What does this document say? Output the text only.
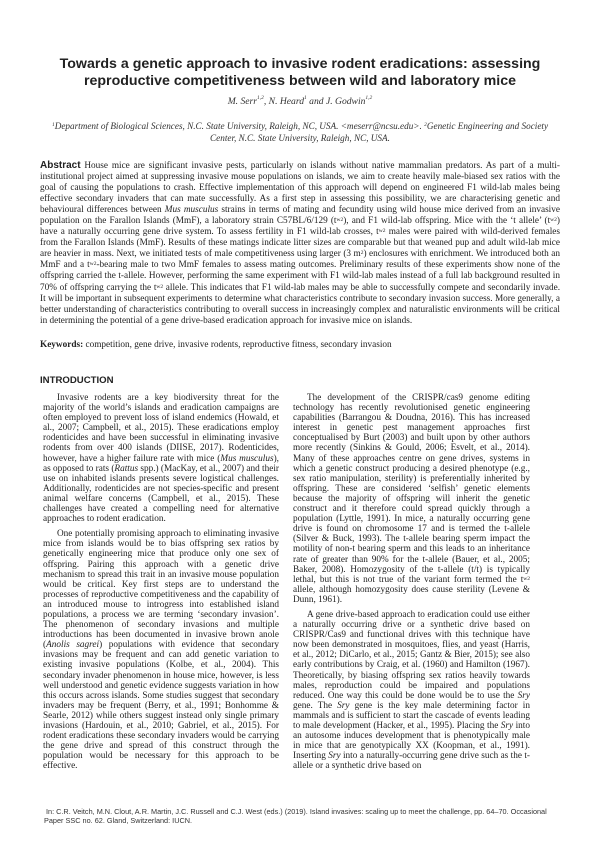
Towards a genetic approach to invasive rodent eradications: assessing reproductive competitiveness between wild and laboratory mice
M. Serr$^{1,2}$, N. Heard$^1$ and J. Godwin$^{1,2}$
$^1$Department of Biological Sciences, N.C. State University, Raleigh, NC, USA. <meserr@ncsu.edu>. $^2$Genetic Engineering and Society Center, N.C. State University, Raleigh, NC, USA.
Abstract House mice are significant invasive pests, particularly on islands without native mammalian predators. As part of a multi-institutional project aimed at suppressing invasive mouse populations on islands, we aim to create heavily male-biased sex ratios with the goal of causing the populations to crash. Effective implementation of this approach will depend on engineered F1 wild-lab males being effective secondary invaders that can mate successfully. As a first step in assessing this possibility, we are characterising genetic and behavioural differences between Mus musculus strains in terms of mating and fecundity using wild house mice derived from an invasive population on the Farallon Islands (MmF), a laboratory strain C57BL/6/129 $(t^{w2})$, and F1 wild-lab offspring. Mice with the ‘t allele’ $(t^{w2})$ have a naturally occurring gene drive system. To assess fertility in F1 wild-lab crosses, $t^{w2}$ males were paired with wild-derived females from the Farallon Islands (MmF). Results of these matings indicate litter sizes are comparable but that weaned pup and adult wild-lab mice are heavier in mass. Next, we initiated tests of male competitiveness using larger (3 $m^2$) enclosures with enrichment. We introduced both an MmF and a $t^{w2}$-bearing male to two MmF females to assess mating outcomes. Preliminary results of these experiments show none of the offspring carried the t-allele. However, performing the same experiment with F1 wild-lab males instead of a full lab background resulted in 70% of offspring carrying the $t^{w2}$ allele. This indicates that F1 wild-lab males may be able to successfully compete and secondarily invade. It will be important in subsequent experiments to determine what characteristics contribute to secondary invasion success. More generally, a better understanding of characteristics contributing to overall success in increasingly complex and naturalistic environments will be critical in determining the potential of a gene drive-based eradication approach for invasive mice on islands.
Keywords: competition, gene drive, invasive rodents, reproductive fitness, secondary invasion
INTRODUCTION

Invasive rodents are a key biodiversity threat for the majority of the world’s islands and eradication campaigns are often employed to prevent loss of island endemics (Howald, et al., 2007; Campbell, et al., 2015). These eradications employ rodenticides and have been successful in eliminating invasive rodents from over 400 islands (DIISE, 2017). Rodenticides, however, have a higher failure rate with mice (Mus musculus), as opposed to rats (Rattus spp.) (MacKay, et al., 2007) and their use on inhabited islands presents severe logistical challenges. Additionally, rodenticides are not species-specific and present animal welfare concerns (Campbell, et al., 2015). These challenges have created a compelling need for alternative approaches to rodent eradication.

One potentially promising approach to eliminating invasive mice from islands would be to bias offspring sex ratios by genetically engineering mice that produce only one sex of offspring. Pairing this approach with a genetic drive mechanism to spread this trait in an invasive mouse population would be critical. Key first steps are to understand the processes of reproductive competitiveness and the capability of an introduced mouse to introgress into established island populations, a process we are terming ‘secondary invasion’. The phenomenon of secondary invasions and multiple introductions has been documented in invasive brown anole (Anolis sagrei) populations with evidence that secondary invasions may be frequent and can add genetic variation to existing invasive populations (Kolbe, et al., 2004). This secondary invader phenomenon in house mice, however, is less well understood and genetic evidence suggests variation in how this occurs across islands. Some studies suggest that secondary invaders may be frequent (Berry, et al., 1991; Bonhomme & Searle, 2012) while others suggest instead only single primary invasions (Hardouin, et al., 2010; Gabriel, et al., 2015). For rodent eradications these secondary invaders would be carrying the gene drive and spread of this construct through the population would be necessary for this approach to be effective.

The development of the CRISPR/cas9 genome editing technology has recently revolutionised genetic engineering capabilities (Barrangou & Doudna, 2016). This has increased interest in genetic pest management approaches first conceptualised by Burt (2003) and built upon by other authors more recently (Sinkins & Gould, 2006; Esvelt, et al., 2014). Many of these approaches centre on gene drives, systems in which a genetic construct producing a desired phenotype (e.g., sex ratio manipulation, sterility) is preferentially inherited by offspring. These are considered ‘selfish’ genetic elements because the majority of offspring will inherit the genetic construct and it therefore could spread quickly through a population (Lyttle, 1991). In mice, a naturally occurring gene drive is found on chromosome 17 and is termed the t-allele (Silver & Buck, 1993). The t-allele bearing sperm impact the motility of non-t bearing sperm and this leads to an inheritance rate of greater than 90% for the t-allele (Bauer, et al., 2005; Baker, 2008). Homozygosity of the t-allele (t/t) is typically lethal, but this is not true of the variant form termed the $t^{w2}$ allele, although homozygosity does cause sterility (Levene & Dunn, 1961).

A gene drive-based approach to eradication could use either a naturally occurring drive or a synthetic drive based on CRISPR/Cas9 and functional drives with this technique have now been demonstrated in mosquitoes, flies, and yeast (Harris, et al., 2012; DiCarlo, et al., 2015; Gantz & Bier, 2015); see also early contributions by Craig, et al. (1960) and Hamilton (1967). Theoretically, by biasing offspring sex ratios heavily towards males, reproduction could be impaired and populations reduced. One way this could be done would be to use the Sry gene. The Sry gene is the key male determining factor in mammals and is sufficient to start the cascade of events leading to male development (Hacker, et al., 1995). Placing the Sry into an autosome induces development that is phenotypically male in mice that are genotypically XX (Koopman, et al., 1991). Inserting Sry into a naturally-occurring gene drive such as the t-allele or a synthetic drive based on

In: C.R. Veitch, M.N. Clout, A.R. Martin, J.C. Russell and C.J. West (eds.) (2019). Island invasives: scaling up to meet the challenge, pp. 64–70. Occasional Paper SSC no. 62. Gland, Switzerland: IUCN.
